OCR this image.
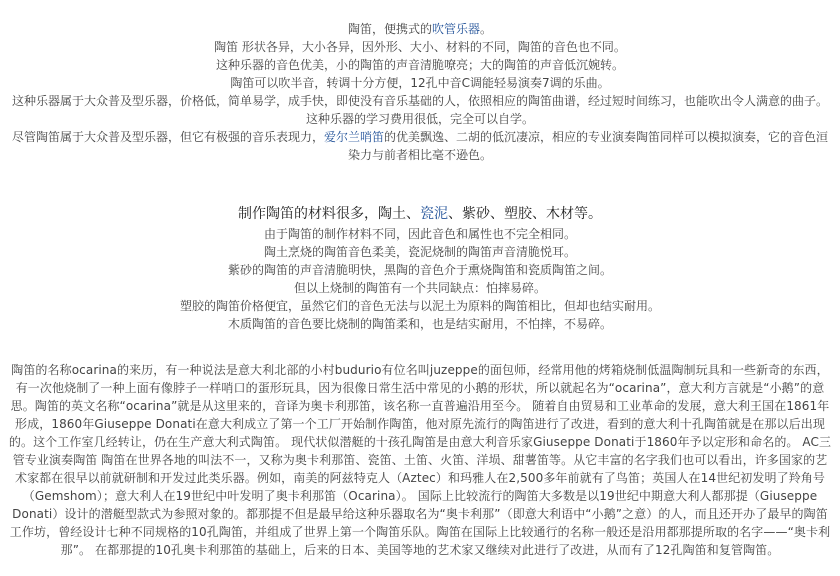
陶笛，便携式的吹管乐器。

陶笛 形状各异，大小各异，因外形、大小、材料的不同，陶笛的音色也不同。

这种乐器的音色优美，小的陶笛的声音清脆嘹亮；大的陶笛的声音低沉婉转。

陶笛可以吹半音，转调十分方便，12孔中音C调能轻易演奏7调的乐曲。

这种乐器属于大众普及型乐器，价格低，简单易学，成手快，即使没有音乐基础的人，依照相应的陶笛曲谱，经过短时间练习，也能吹出令人满意的曲子。

这种乐器的学习费用很低，完全可以自学。

尽管陶笛属于大众普及型乐器，但它有极强的音乐表现力，爱尔兰哨笛的优美飘逸、二胡的低沉凄凉，相应的专业演奏陶笛同样可以模拟演奏，它的音色洹染力与前者相比毫不逊色。

制作陶笛的材料很多，陶土、瓷泥、紫砂、塑胶、木材等。

由于陶笛的制作材料不同，因此音色和属性也不完全相同。

陶土烹烧的陶笛音色柔美，瓷泥烧制的陶笛声音清脆悦耳。

紫砂的陶笛的声音清脆明快，黑陶的音色介于熏烧陶笛和瓷质陶笛之间。

但以上烧制的陶笛有一个共同缺点：怕摔易碎。

塑胶的陶笛价格便宜，虽然它们的音色无法与以泥土为原料的陶笛相比，但却也结实耐用。

木质陶笛的音色要比烧制的陶笛柔和，也是结实耐用，不怕摔，不易碎。

陶笛的名称ocarina的来历，有一种说法是意大利北部的小村budurio有位名叫juzeppe的面包师，经常用他的烤箱烧制低温陶制玩具和一些新奇的东西，有一次他烧制了一种上面有像脖子一样哨口的蛋形玩具，因为很像日常生活中常见的小鹅的形状，所以就起名为“ocarina”，意大利方言就是“小鹅”的意思。陶笛的英文名称“ocarina”就是从这里来的，音译为奥卡利那笛，该名称一直普遍沿用至今。 随着自由贸易和工业革命的发展，意大利王国在1861年形成，1860年Giuseppe Donati在意大利成立了第一个工厂开始制作陶笛，他对原先流行的陶笛进行了改进，看到的意大利十孔陶笛就是在那以后出现的。这个工作室几经转让，仍在生产意大利式陶笛。 现代状似潜艇的十孩孔陶笛是由意大利音乐家Giuseppe Donati于1860年予以定形和命名的。 AC三管专业演奏陶笛 陶笛在世界各地的叫法不一，又称为奥卡利那笛、瓷笛、土笛、火笛、洋埙、甜薯笛等。从它丰富的名字我们也可以看出，许多国家的艺术家都在很早以前就研制和开发过此类乐器。例如，南美的阿兹特克人（Aztec）和玛雅人在2,500多年前就有了鸟笛；英国人在14世纪初发明了羚角号（Gemshom）；意大利人在19世纪中叶发明了奥卡利那笛（Ocarina）。 国际上比较流行的陶笛大多数是以19世纪中期意大利人都那提（Giuseppe Donati）设计的潜艇型款式为参照对象的。都那提不但是最早给这种乐器取名为“奥卡利那”（即意大利语中“小鹅”之意）的人，而且还开办了最早的陶笛工作坊，曾经设计七种不同规格的10孔陶笛，并组成了世界上第一个陶笛乐队。陶笛在国际上比较通行的名称一般还是沿用都那提所取的名字——“奥卡利那”。 在都那提的10孔奥卡利那笛的基础上，后来的日本、美国等地的艺术家又继续对此进行了改进，从而有了12孔陶笛和复管陶笛。
